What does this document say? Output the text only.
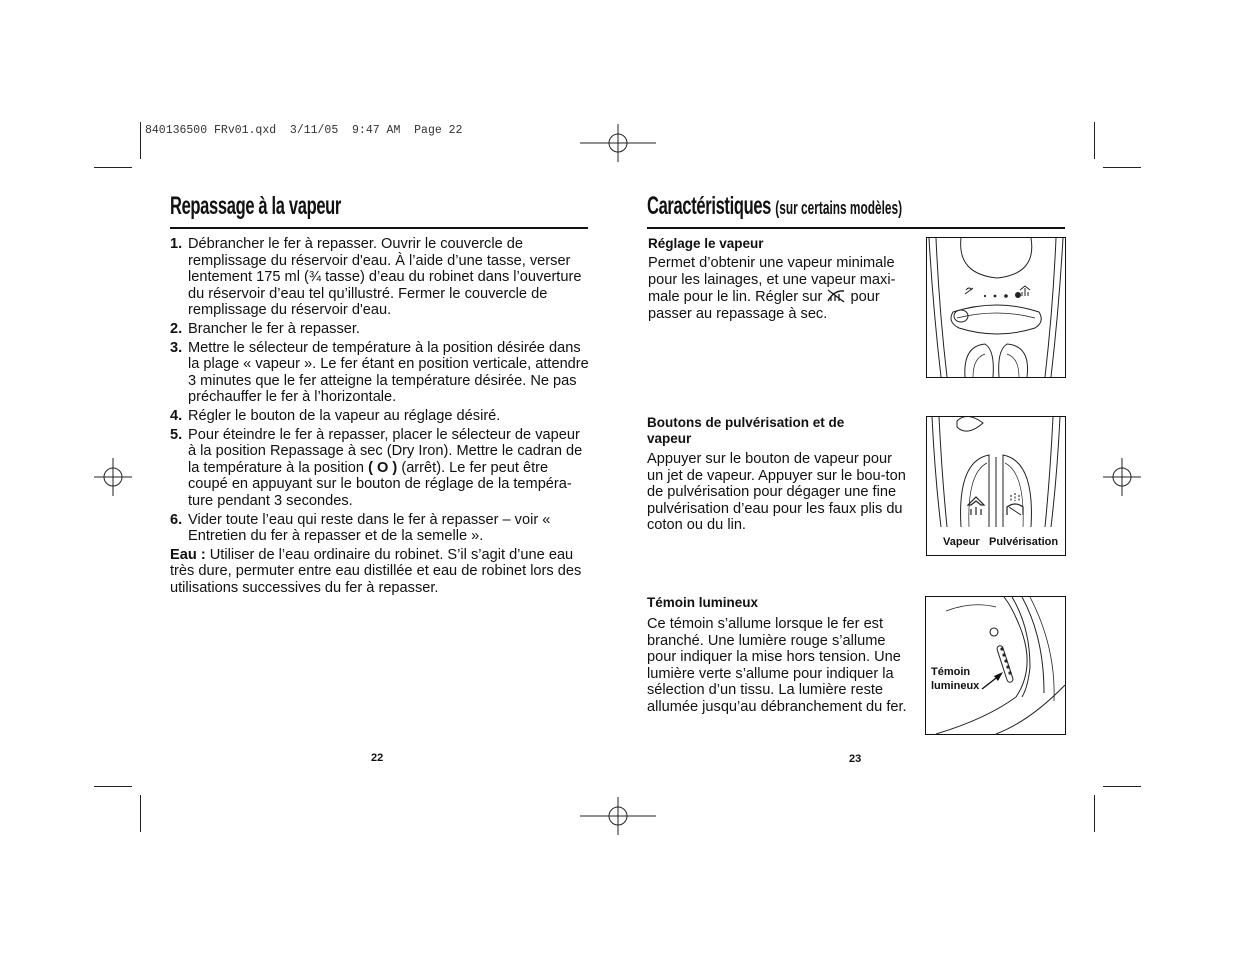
840136500 FRv01.qxd  3/11/05  9:47 AM  Page 22
Repassage à la vapeur
1. Débrancher le fer à repasser. Ouvrir le couvercle de remplissage du réservoir d'eau. À l’aide d’une tasse, verser lentement 175 ml (¾ tasse) d’eau du robinet dans l’ouverture du réservoir d’eau tel qu’illustré. Fermer le couvercle de remplissage du réservoir d'eau.
2. Brancher le fer à repasser.
3. Mettre le sélecteur de température à la position désirée dans la plage « vapeur ». Le fer étant en position verticale, attendre 3 minutes que le fer atteigne la température désirée. Ne pas préchauffer le fer à l’horizontale.
4. Régler le bouton de la vapeur au réglage désiré.
5. Pour éteindre le fer à repasser, placer le sélecteur de vapeur à la position Repassage à sec (Dry Iron). Mettre le cadran de la température à la position ( O ) (arrêt). Le fer peut être coupé en appuyant sur le bouton de réglage de la tempéra-ture pendant 3 secondes.
6. Vider toute l’eau qui reste dans le fer à repasser – voir « Entretien du fer à repasser et de la semelle ».
Eau : Utiliser de l’eau ordinaire du robinet. S’il s’agit d’une eau très dure, permuter entre eau distillée et eau de robinet lors des utilisations successives du fer à repasser.
22
Caractéristiques (sur certains modèles)
Réglage le vapeur
Permet d’obtenir une vapeur minimale pour les lainages, et une vapeur maxi-male pour le lin. Régler sur  pour passer au repassage à sec.
Boutons de pulvérisation et de vapeur
Appuyer sur le bouton de vapeur pour un jet de vapeur. Appuyer sur le bou-ton de pulvérisation pour dégager une fine pulvérisation d’eau pour les faux plis du coton ou du lin.
Vapeur Pulvérisation
Témoin lumineux
Ce témoin s’allume lorsque le fer est branché. Une lumière rouge s’allume pour indiquer la mise hors tension. Une lumière verte s’allume pour indiquer la sélection d’un tissu. La lumière reste allumée jusqu’au débranchement du fer.
Témoin
lumineux
23
